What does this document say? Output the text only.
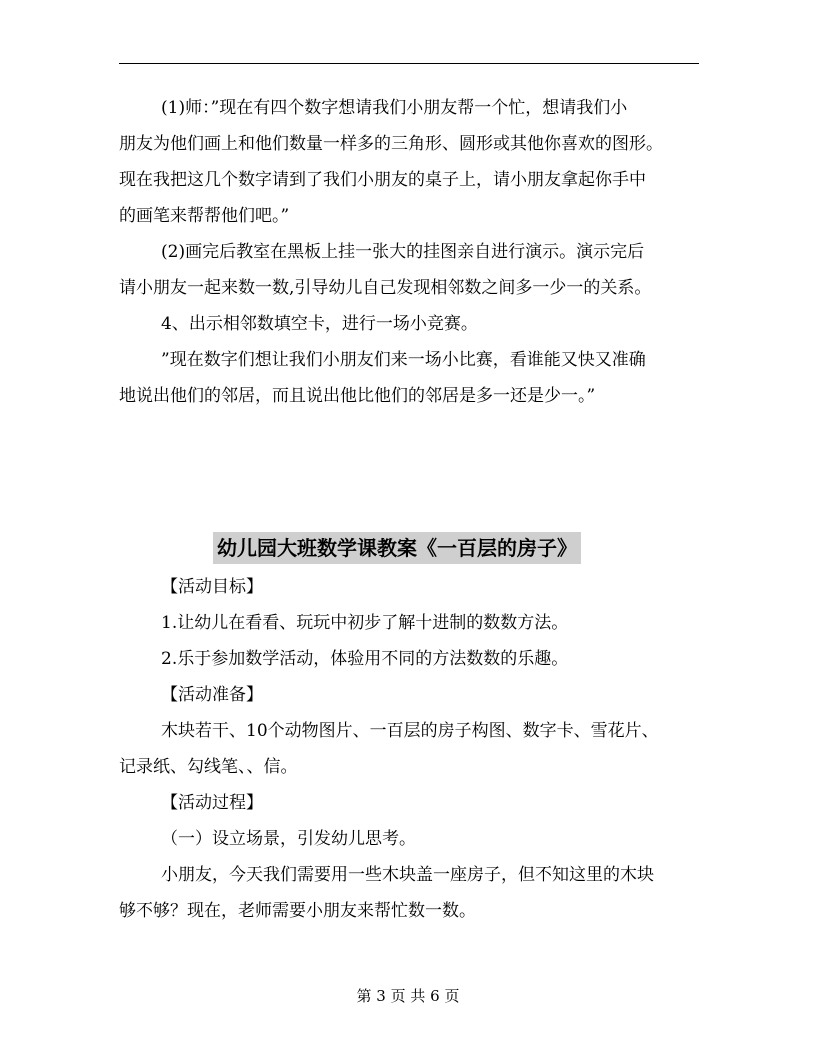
(1)师：”现在有四个数字想请我们小朋友帮一个忙，想请我们小
朋友为他们画上和他们数量一样多的三角形、圆形或其他你喜欢的图形。
现在我把这几个数字请到了我们小朋友的桌子上，请小朋友拿起你手中
的画笔来帮帮他们吧。”
(2)画完后教室在黑板上挂一张大的挂图亲自进行演示。演示完后
请小朋友一起来数一数,引导幼儿自己发现相邻数之间多一少一的关系。
4、出示相邻数填空卡，进行一场小竞赛。
”现在数字们想让我们小朋友们来一场小比赛，看谁能又快又准确
地说出他们的邻居，而且说出他比他们的邻居是多一还是少一。”
幼儿园大班数学课教案《一百层的房子》
【活动目标】
1.让幼儿在看看、玩玩中初步了解十进制的数数方法。
2.乐于参加数学活动，体验用不同的方法数数的乐趣。
【活动准备】
木块若干、10个动物图片、一百层的房子构图、数字卡、雪花片、
记录纸、勾线笔、、信。
【活动过程】
（一）设立场景，引发幼儿思考。
小朋友，今天我们需要用一些木块盖一座房子，但不知这里的木块
够不够？现在，老师需要小朋友来帮忙数一数。
第 3 页 共 6 页
